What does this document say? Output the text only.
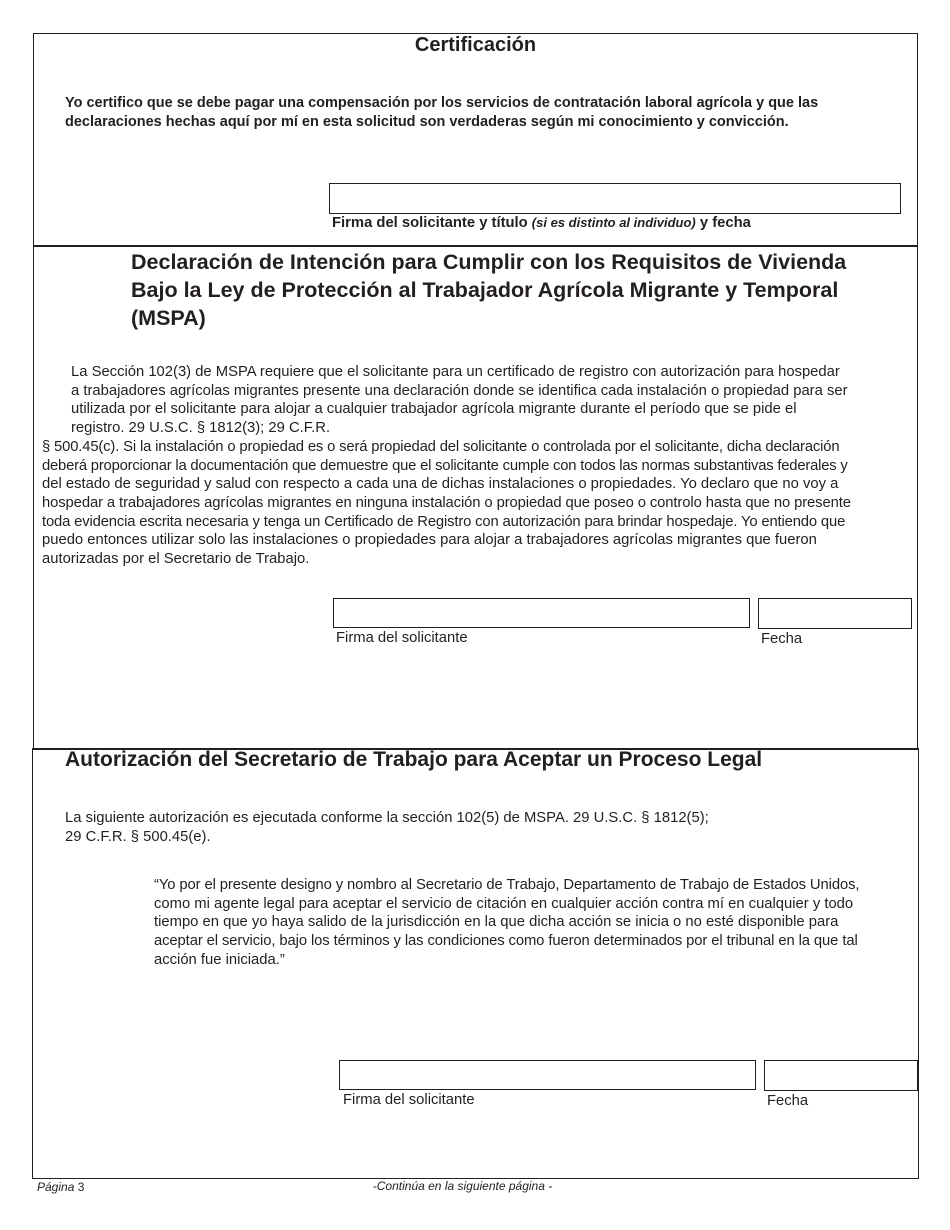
Certificación
Yo certifico que se debe pagar una compensación por los servicios de contratación laboral agrícola y que las
declaraciones hechas aquí por mí en esta solicitud son verdaderas según mi conocimiento y convicción.
Firma del solicitante y título (si es distinto al individuo) y fecha
Declaración de Intención para Cumplir con los Requisitos de Vivienda
Bajo la Ley de Protección al Trabajador Agrícola Migrante y Temporal
(MSPA)
La Sección 102(3) de MSPA requiere que el solicitante para un certificado de registro con autorización para hospedar
a trabajadores agrícolas migrantes presente una declaración donde se identifica cada instalación o propiedad para ser
utilizada por el solicitante para alojar a cualquier trabajador agrícola migrante durante el período que se pide el
registro. 29 U.S.C. § 1812(3); 29 C.F.R.
§ 500.45(c). Si la instalación o propiedad es o será propiedad del solicitante o controlada por el solicitante, dicha declaración
deberá proporcionar la documentación que demuestre que el solicitante cumple con todos las normas substantivas federales y
del estado de seguridad y salud con respecto a cada una de dichas instalaciones o propiedades. Yo declaro que no voy a
hospedar a trabajadores agrícolas migrantes en ninguna instalación o propiedad que poseo o controlo hasta que no presente
toda evidencia escrita necesaria y tenga un Certificado de Registro con autorización para brindar hospedaje. Yo entiendo que
puedo entonces utilizar solo las instalaciones o propiedades para alojar a trabajadores agrícolas migrantes que fueron
autorizadas por el Secretario de Trabajo.
Firma del solicitante	Fecha
Autorización del Secretario de Trabajo para Aceptar un Proceso Legal
La siguiente autorización es ejecutada conforme la sección 102(5) de MSPA. 29 U.S.C. § 1812(5);
29 C.F.R. § 500.45(e).
“Yo por el presente designo y nombro al Secretario de Trabajo, Departamento de Trabajo de Estados Unidos,
como mi agente legal para aceptar el servicio de citación en cualquier acción contra mí en cualquier y todo
tiempo en que yo haya salido de la jurisdicción en la que dicha acción se inicia o no esté disponible para
aceptar el servicio, bajo los términos y las condiciones como fueron determinados por el tribunal en la que tal
acción fue iniciada.”
Firma del solicitante	Fecha
Página 3	-Continúa en la siguiente página -
